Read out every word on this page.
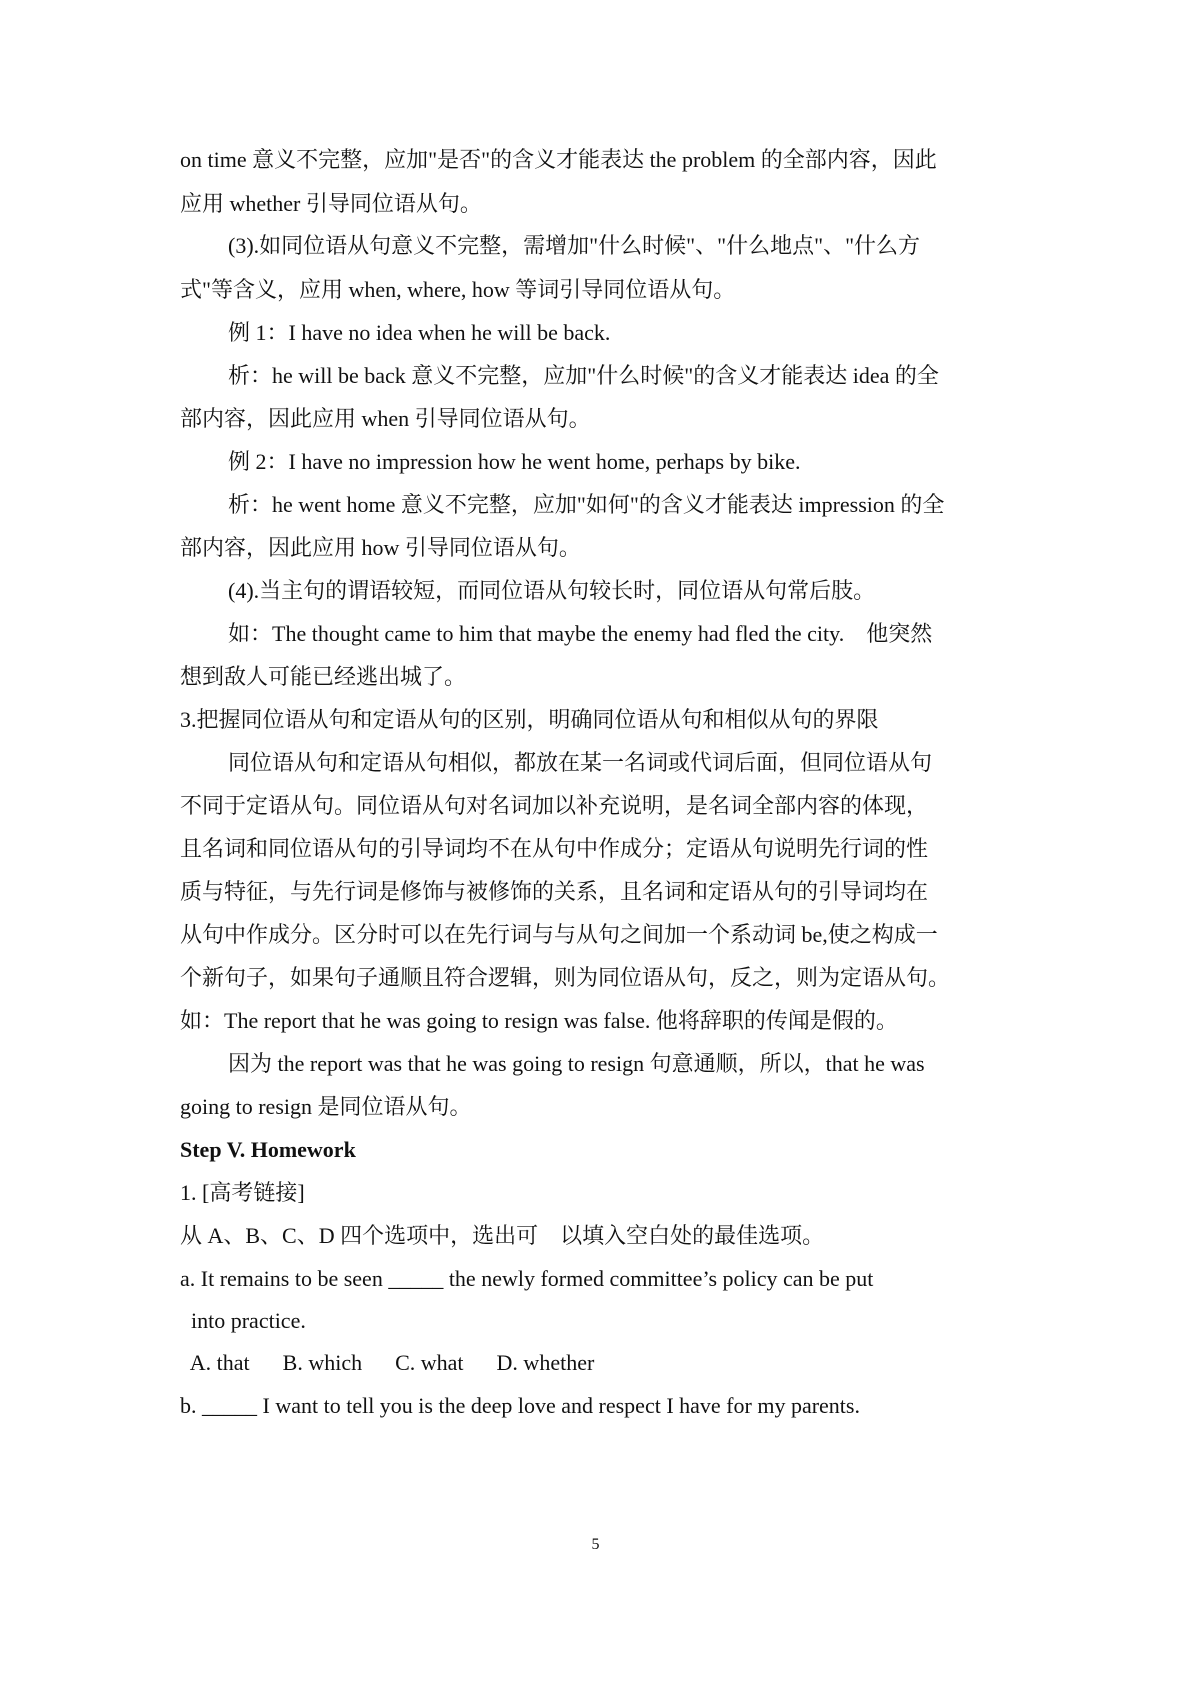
on time 意义不完整，应加"是否"的含义才能表达 the problem 的全部内容，因此
应用 whether 引导同位语从句。
(3).如同位语从句意义不完整，需增加"什么时候"、"什么地点"、"什么方
式"等含义，应用 when, where, how 等词引导同位语从句。
例 1：I have no idea when he will be back.
析：he will be back 意义不完整，应加"什么时候"的含义才能表达 idea 的全
部内容，因此应用 when 引导同位语从句。
例 2：I have no impression how he went home, perhaps by bike.
析：he went home 意义不完整，应加"如何"的含义才能表达 impression 的全
部内容，因此应用 how 引导同位语从句。
(4).当主句的谓语较短，而同位语从句较长时，同位语从句常后肢。
如：The thought came to him that maybe the enemy had fled the city.    他突然
想到敌人可能已经逃出城了。
3.把握同位语从句和定语从句的区别，明确同位语从句和相似从句的界限
同位语从句和定语从句相似，都放在某一名词或代词后面，但同位语从句
不同于定语从句。同位语从句对名词加以补充说明，是名词全部内容的体现，
且名词和同位语从句的引导词均不在从句中作成分；定语从句说明先行词的性
质与特征，与先行词是修饰与被修饰的关系，且名词和定语从句的引导词均在
从句中作成分。区分时可以在先行词与与从句之间加一个系动词 be,使之构成一
个新句子，如果句子通顺且符合逻辑，则为同位语从句，反之，则为定语从句。
如：The report that he was going to resign was false. 他将辞职的传闻是假的。
因为 the report was that he was going to resign 句意通顺，所以，that he was
going to resign 是同位语从句。
Step V. Homework
1. [高考链接]
从 A、B、C、D 四个选项中，选出可    以填入空白处的最佳选项。
a. It remains to be seen _____ the newly formed committee’s policy can be put
into practice.
A. that      B. which      C. what      D. whether
b. _____ I want to tell you is the deep love and respect I have for my parents.
5
